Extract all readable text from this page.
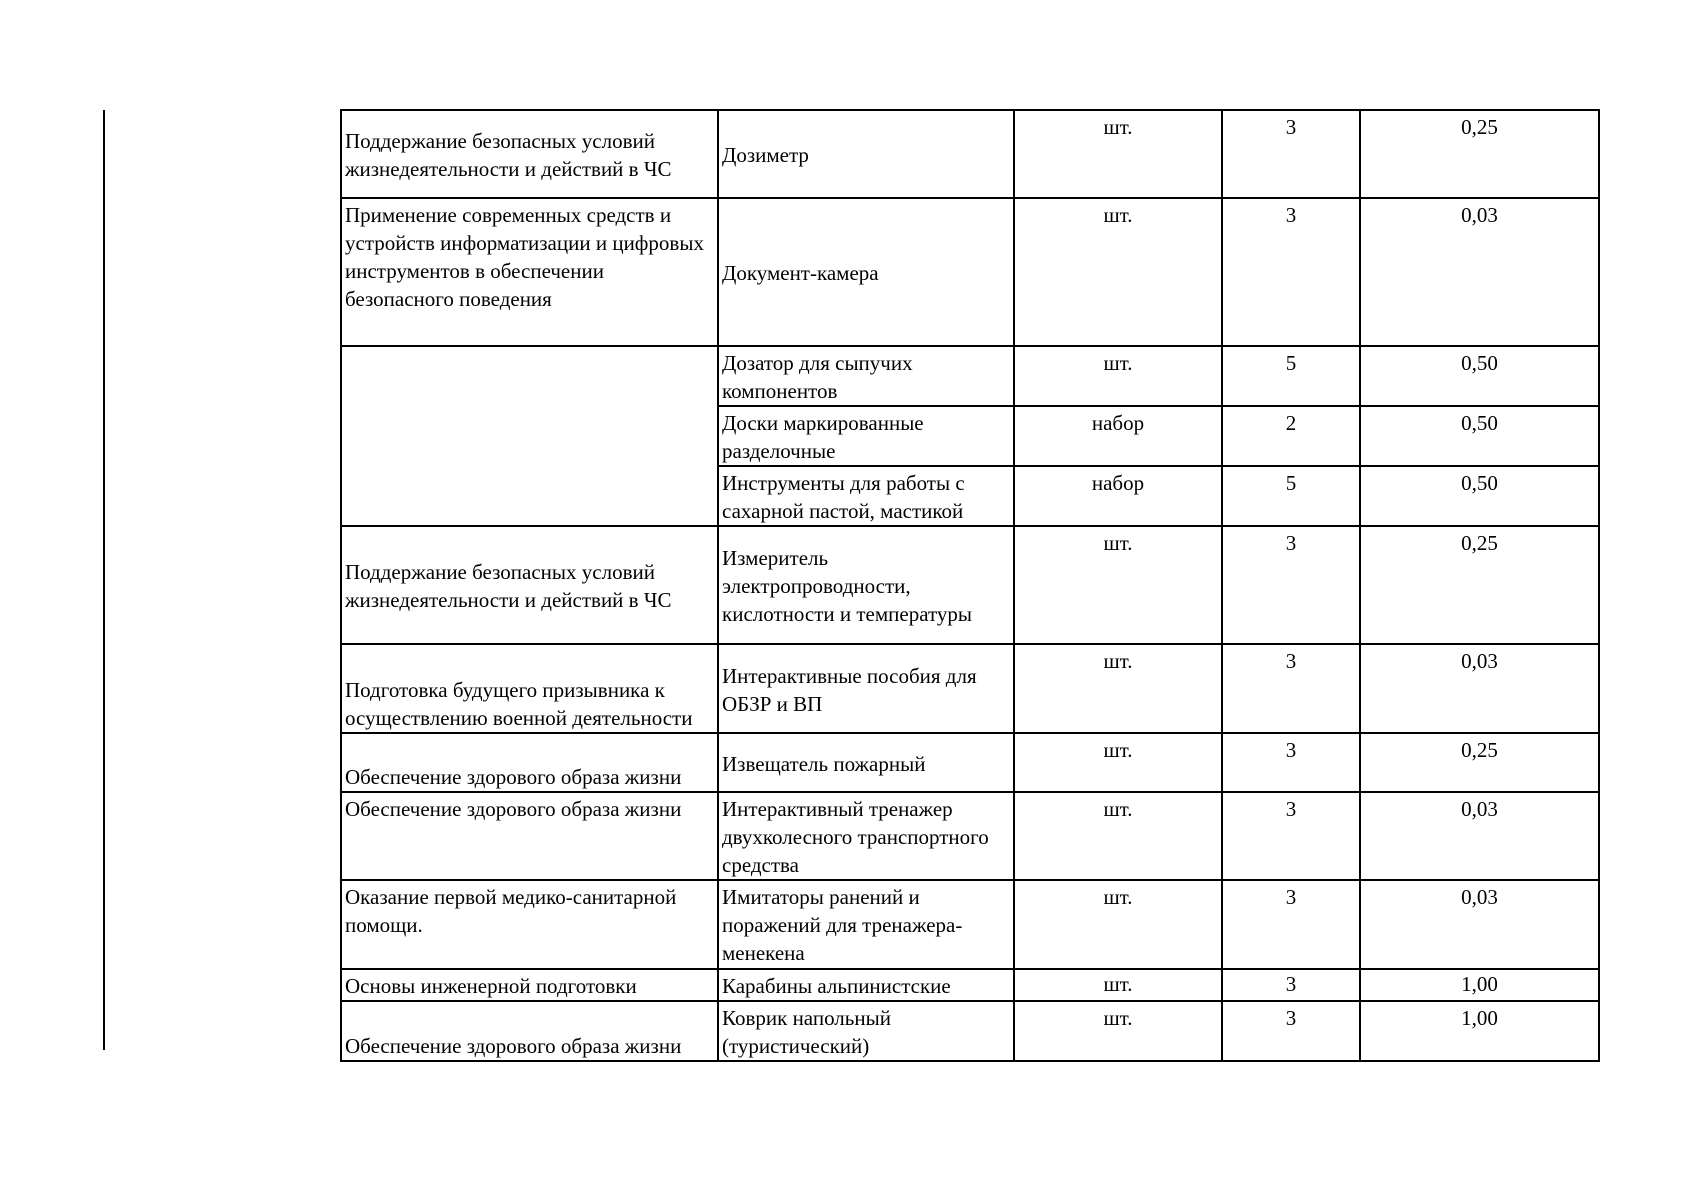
Поддержание безопасных условий жизнедеятельности и действий в ЧС	Дозиметр	шт.	3	0,25
Применение современных средств и устройств информатизации и цифровых инструментов в обеспечении безопасного поведения	Документ-камера	шт.	3	0,03
	Дозатор для сыпучих компонентов	шт.	5	0,50
	Доски маркированные разделочные	набор	2	0,50
	Инструменты для работы с сахарной пастой, мастикой	набор	5	0,50
Поддержание безопасных условий жизнедеятельности и действий в ЧС	Измеритель электропроводности, кислотности и температуры	шт.	3	0,25
Подготовка будущего призывника к осуществлению военной деятельности	Интерактивные пособия для ОБЗР и ВП	шт.	3	0,03
Обеспечение здорового образа жизни	Извещатель пожарный	шт.	3	0,25
Обеспечение здорового образа жизни	Интерактивный тренажер двухколесного транспортного средства	шт.	3	0,03
Оказание первой медико-санитарной помощи.	Имитаторы ранений и поражений для тренажера-менекена	шт.	3	0,03
Основы инженерной подготовки	Карабины альпинистские	шт.	3	1,00
Обеспечение здорового образа жизни	Коврик напольный (туристический)	шт.	3	1,00
